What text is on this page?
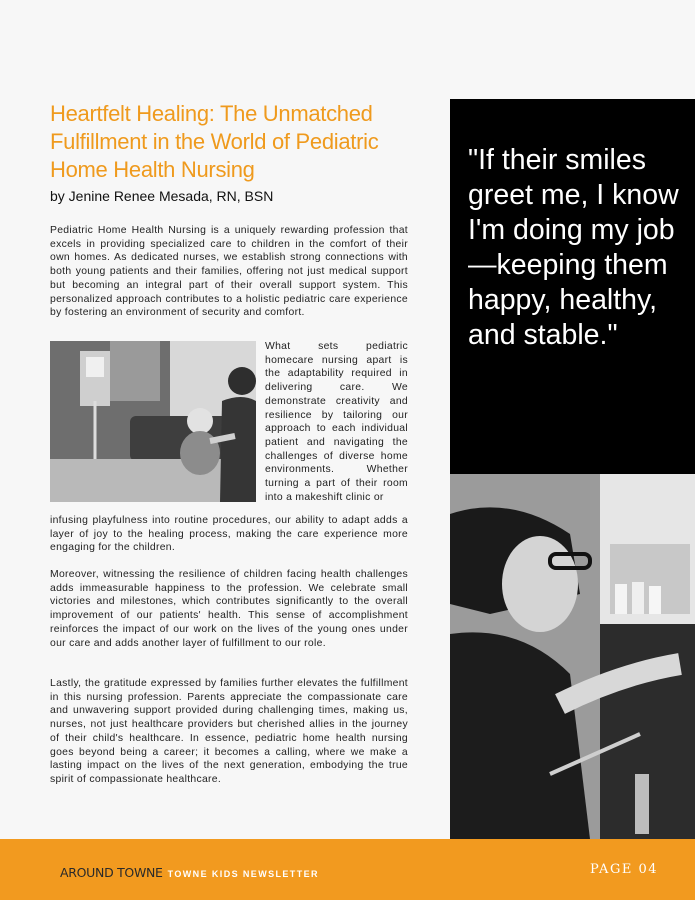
Heartfelt Healing: The Unmatched Fulfillment in the World of Pediatric Home Health Nursing

by Jenine Renee Mesada, RN, BSN

Pediatric Home Health Nursing is a uniquely rewarding profession that excels in providing specialized care to children in the comfort of their own homes. As dedicated nurses, we establish strong connections with both young patients and their families, offering not just medical support but becoming an integral part of their overall support system. This personalized approach contributes to a holistic pediatric care experience by fostering an environment of security and comfort.

What sets pediatric homecare nursing apart is the adaptability required in delivering care. We demonstrate creativity and resilience by tailoring our approach to each individual patient and navigating the challenges of diverse home environments. Whether turning a part of their room into a makeshift clinic or

infusing playfulness into routine procedures, our ability to adapt adds a layer of joy to the healing process, making the care experience more engaging for the children.

Moreover, witnessing the resilience of children facing health challenges adds immeasurable happiness to the profession. We celebrate small victories and milestones, which contributes significantly to the overall improvement of our patients' health. This sense of accomplishment reinforces the impact of our work on the lives of the young ones under our care and adds another layer of fulfillment to our role.

Lastly, the gratitude expressed by families further elevates the fulfillment in this nursing profession. Parents appreciate the compassionate care and unwavering support provided during challenging times, making us, nurses, not just healthcare providers but cherished allies in the journey of their child's healthcare. In essence, pediatric home health nursing goes beyond being a career; it becomes a calling, where we make a lasting impact on the lives of the next generation, embodying the true spirit of compassionate healthcare.

"If their smiles greet me, I know I'm doing my job—keeping them happy, healthy, and stable."

AROUND TOWNE TOWNE KIDS NEWSLETTER	PAGE 04
